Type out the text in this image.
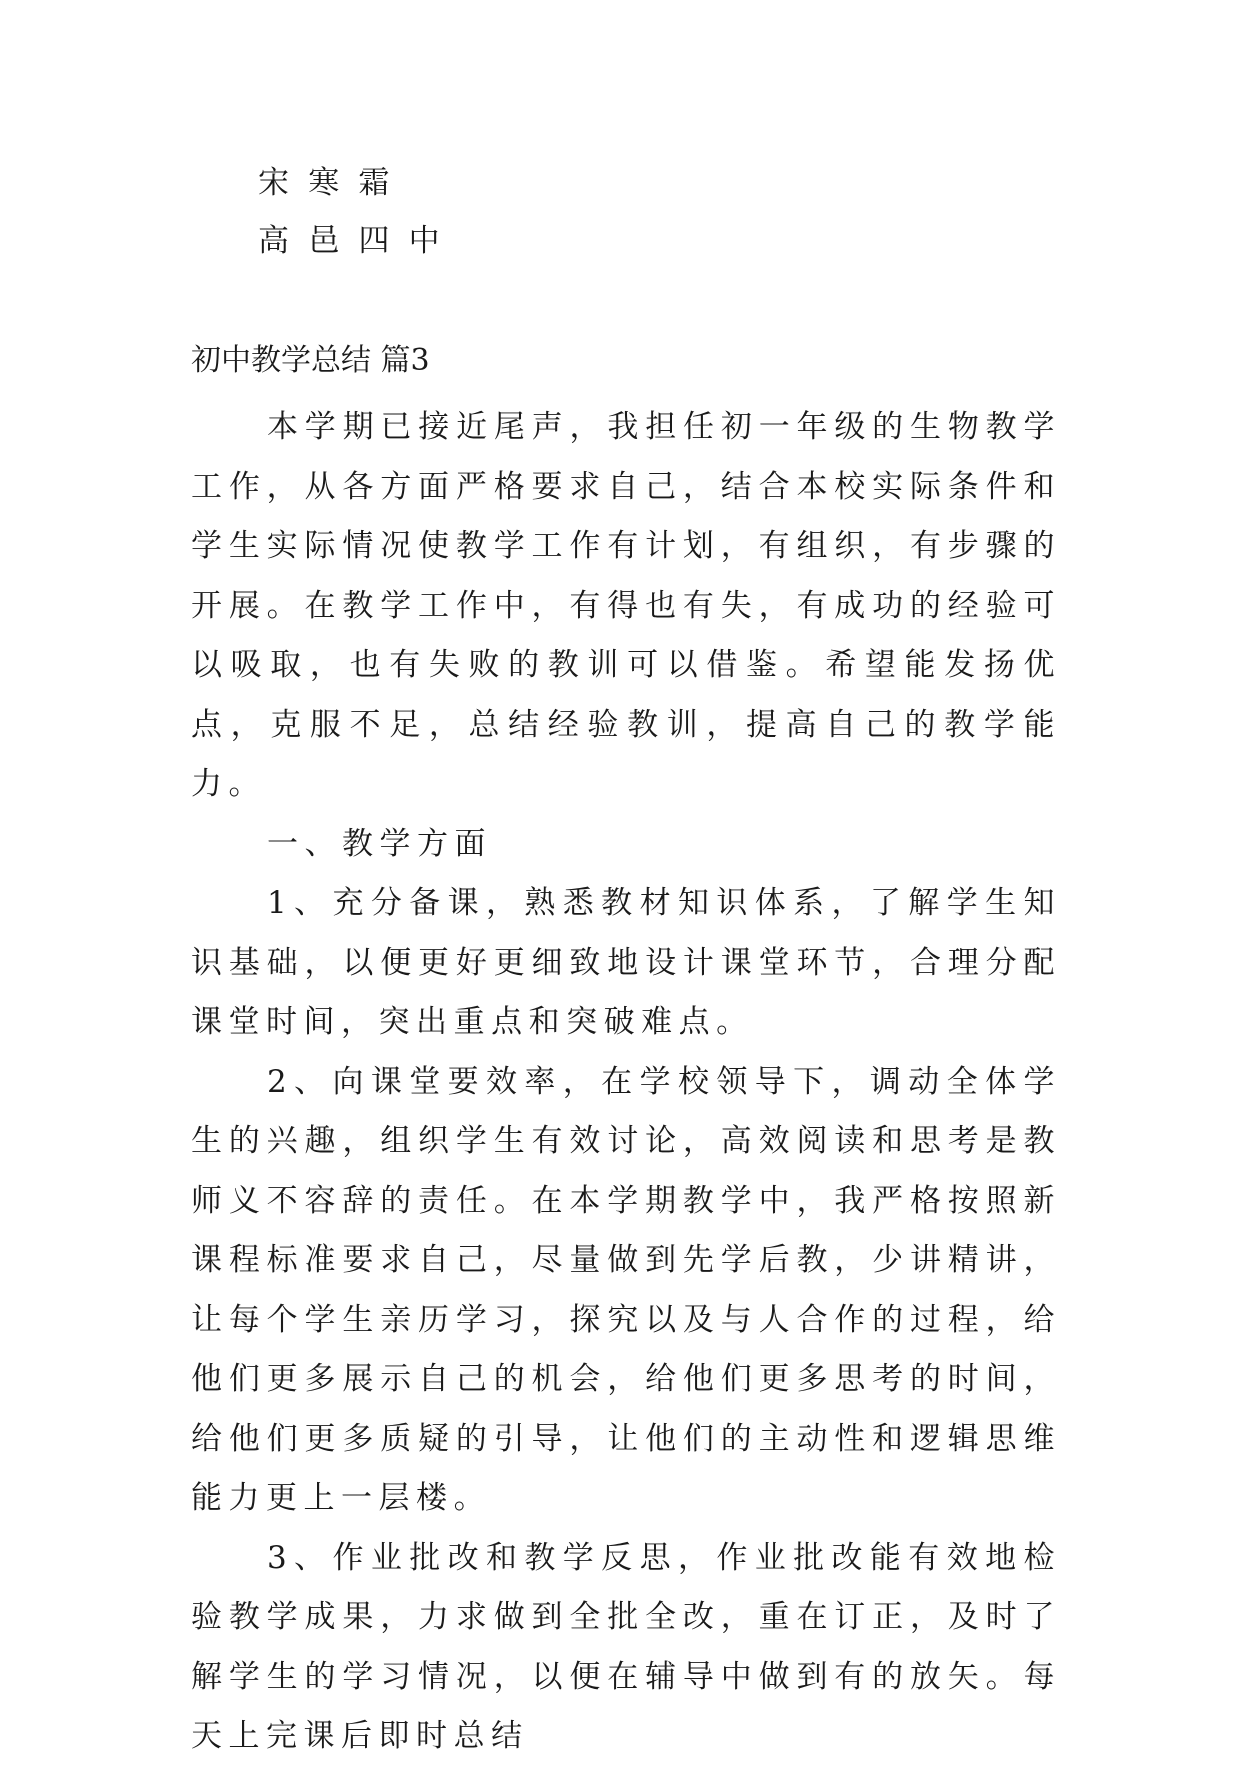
宋寒霜
高邑四中
初中教学总结 篇3

本学期已接近尾声，我担任初一年级的生物教学工作，从各方面严格要求自己，结合本校实际条件和学生实际情况使教学工作有计划，有组织，有步骤的开展。在教学工作中，有得也有失，有成功的经验可以吸取，也有失败的教训可以借鉴。希望能发扬优点，克服不足，总结经验教训，提高自己的教学能力。

一、教学方面

1、充分备课，熟悉教材知识体系，了解学生知识基础，以便更好更细致地设计课堂环节，合理分配课堂时间，突出重点和突破难点。

2、向课堂要效率，在学校领导下，调动全体学生的兴趣，组织学生有效讨论，高效阅读和思考是教师义不容辞的责任。在本学期教学中，我严格按照新课程标准要求自己，尽量做到先学后教，少讲精讲，让每个学生亲历学习，探究以及与人合作的过程，给他们更多展示自己的机会，给他们更多思考的时间，给他们更多质疑的引导，让他们的主动性和逻辑思维能力更上一层楼。

3、作业批改和教学反思，作业批改能有效地检验教学成果，力求做到全批全改，重在订正，及时了解学生的学习情况，以便在辅导中做到有的放矢。每天上完课后即时总结
